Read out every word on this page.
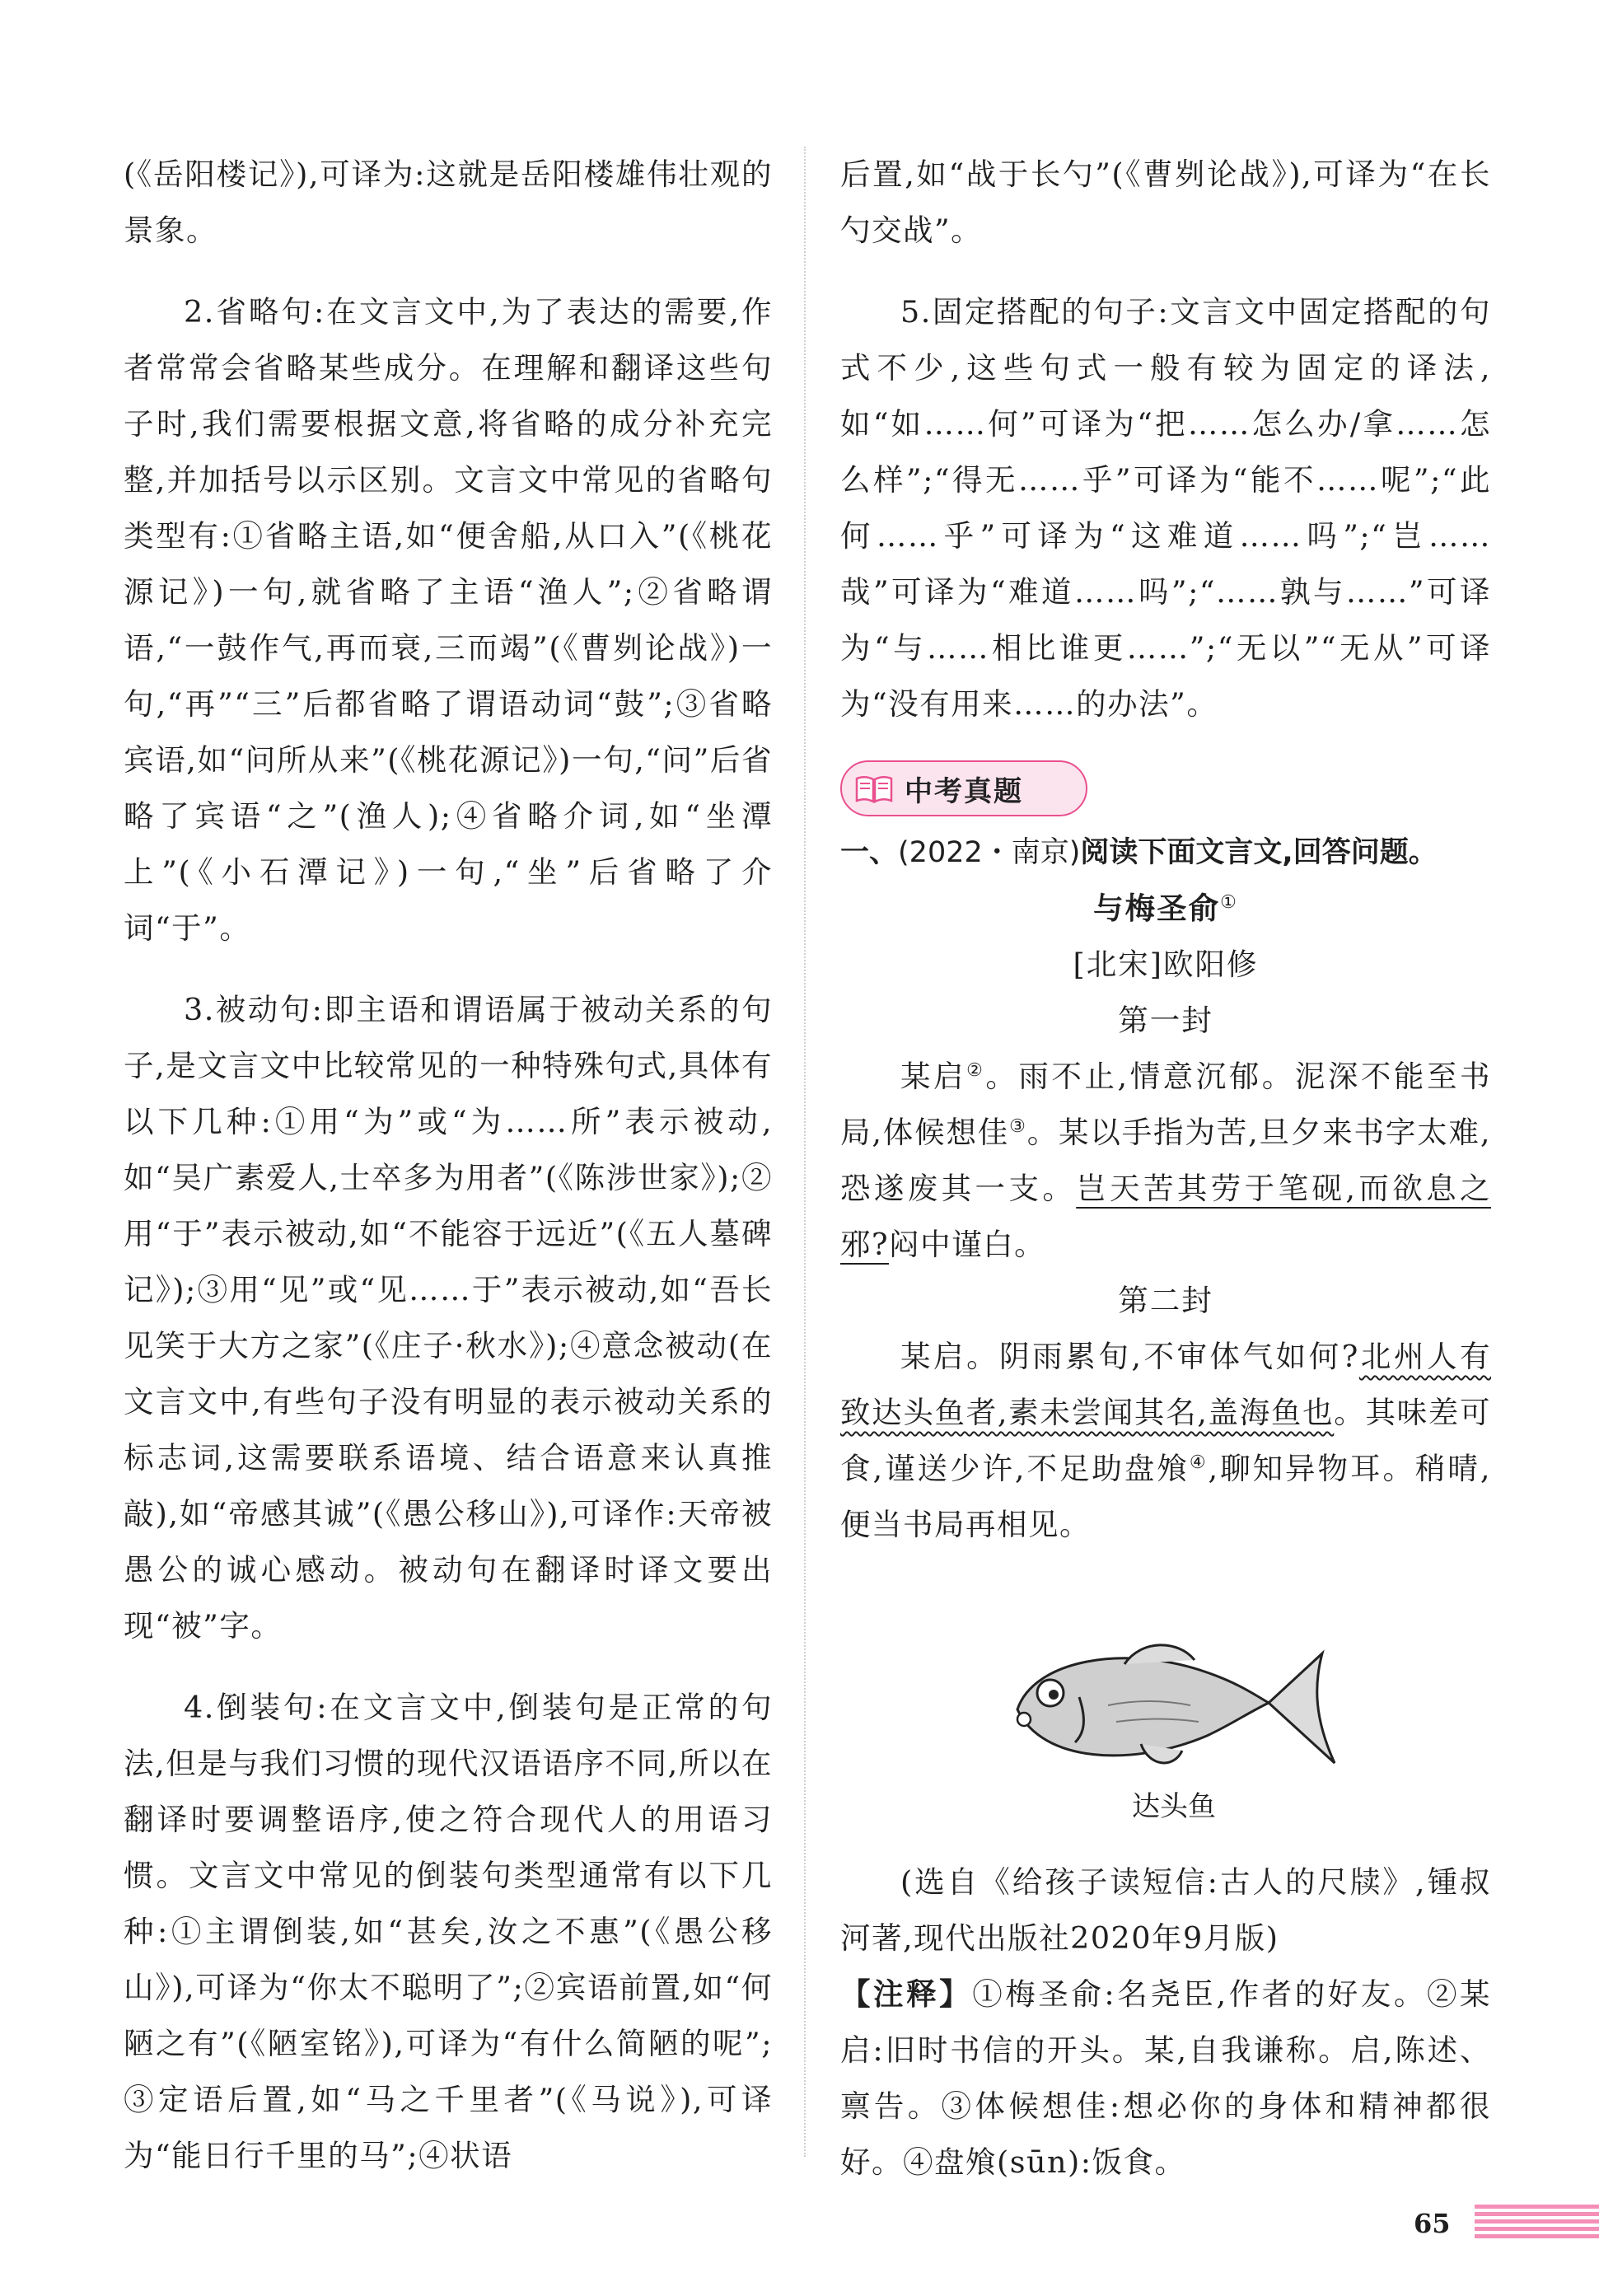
(《岳阳楼记》),可译为:这就是岳阳楼雄伟壮观的景象。

2.省略句:在文言文中,为了表达的需要,作者常常会省略某些成分。在理解和翻译这些句子时,我们需要根据文意,将省略的成分补充完整,并加括号以示区别。文言文中常见的省略句类型有:①省略主语,如“便舍船,从口入”(《桃花源记》)一句,就省略了主语“渔人”;②省略谓语,“一鼓作气,再而衰,三而竭”(《曹刿论战》)一句,“再”“三”后都省略了谓语动词“鼓”;③省略宾语,如“问所从来”(《桃花源记》)一句,“问”后省略了宾语“之”(渔人);④省略介词,如“坐潭上”(《小石潭记》)一句,“坐”后省略了介词“于”。

3.被动句:即主语和谓语属于被动关系的句子,是文言文中比较常见的一种特殊句式,具体有以下几种:①用“为”或“为……所”表示被动,如“吴广素爱人,士卒多为用者”(《陈涉世家》);②用“于”表示被动,如“不能容于远近”(《五人墓碑记》);③用“见”或“见……于”表示被动,如“吾长见笑于大方之家”(《庄子·秋水》);④意念被动(在文言文中,有些句子没有明显的表示被动关系的标志词,这需要联系语境、结合语意来认真推敲),如“帝感其诚”(《愚公移山》),可译作:天帝被愚公的诚心感动。被动句在翻译时译文要出现“被”字。

4.倒装句:在文言文中,倒装句是正常的句法,但是与我们习惯的现代汉语语序不同,所以在翻译时要调整语序,使之符合现代人的用语习惯。文言文中常见的倒装句类型通常有以下几种:①主谓倒装,如“甚矣,汝之不惠”(《愚公移山》),可译为“你太不聪明了”;②宾语前置,如“何陋之有”(《陋室铭》),可译为“有什么简陋的呢”;③定语后置,如“马之千里者”(《马说》),可译为“能日行千里的马”;④状语

后置,如“战于长勺”(《曹刿论战》),可译为“在长勺交战”。

5.固定搭配的句子:文言文中固定搭配的句式不少,这些句式一般有较为固定的译法,如“如……何”可译为“把……怎么办/拿……怎么样”;“得无……乎”可译为“能不……呢”;“此何……乎”可译为“这难道……吗”;“岂……哉”可译为“难道……吗”;“……孰与……”可译为“与……相比谁更……”;“无以”“无从”可译为“没有用来……的办法”。

中考真题
一、(2022・南京)阅读下面文言文,回答问题。

与梅圣俞①

[北宋]欧阳修

第一封

某启②。雨不止,情意沉郁。泥深不能至书局,体候想佳③。某以手指为苦,旦夕来书字太难,恐遂废其一支。岂天苦其劳于笔砚,而欲息之邪?闷中谨白。

第二封

某启。阴雨累旬,不审体气如何?北州人有致达头鱼者,素未尝闻其名,盖海鱼也。其味差可食,谨送少许,不足助盘飧④,聊知异物耳。稍晴,便当书局再相见。

达头鱼

(选自《给孩子读短信:古人的尺牍》,锺叔河著,现代出版社2020年9月版)

【注释】①梅圣俞:名尧臣,作者的好友。②某启:旧时书信的开头。某,自我谦称。启,陈述、禀告。③体候想佳:想必你的身体和精神都很好。④盘飧(sūn):饭食。

65
